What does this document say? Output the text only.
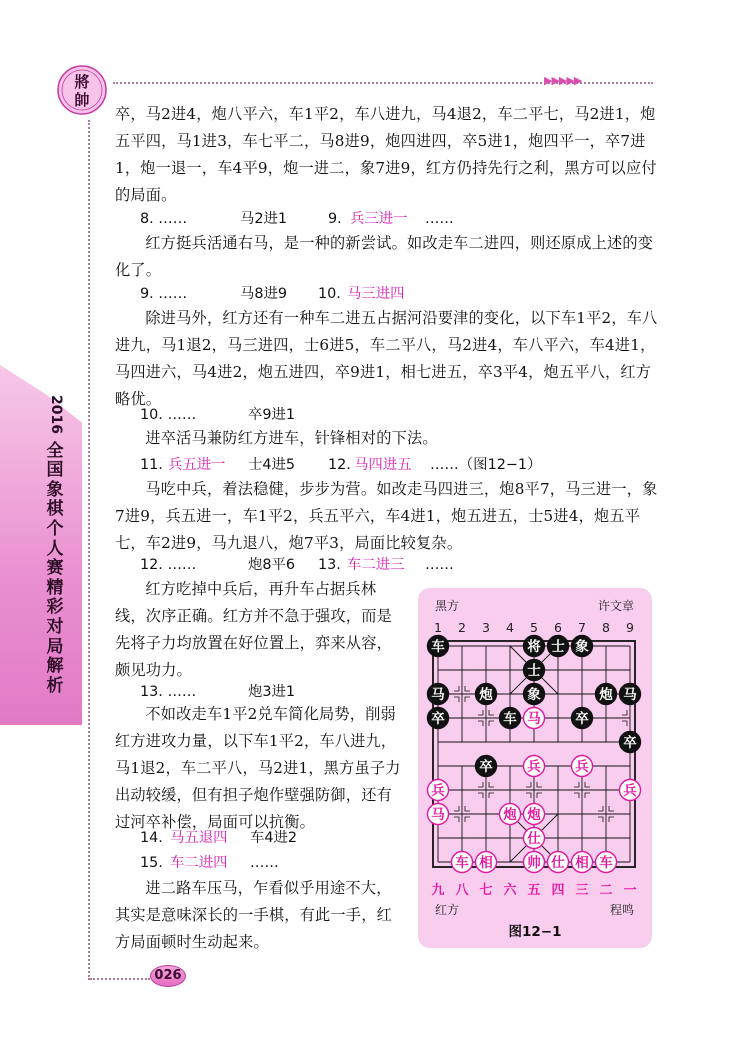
將
帥
▶▶▶▶▶
2016
全
国
象
棋
个
人
赛
精
彩
对
局
解
析
卒，马2进4，炮八平六，车1平2，车八进九，马4退2，车二平七，马2进1，炮五平四，马1进3，车七平二，马8进9，炮四进四，卒5进1，炮四平一，卒7进1，炮一退一，车4平9，炮一进二，象7进9，红方仍持先行之利，黑方可以应付的局面。
8. ……	马2进1	9. 兵三进一 ……
红方挺兵活通右马，是一种的新尝试。如改走车二进四，则还原成上述的变化了。
9. ……	马8进9 10. 马三进四
除进马外，红方还有一种车二进五占据河沿要津的变化，以下车1平2，车八进九，马1退2，马三进四，士6进5，车二平八，马2进4，车八平六，车4进1，马四进六，马4进2，炮五进四，卒9进1，相七进五，卒3平4，炮五平八，红方略优。
10. ……	卒9进1
进卒活马兼防红方进车，针锋相对的下法。
11. 兵五进一 士4进5 12. 马四进五 ……（图12−1）
马吃中兵，着法稳健，步步为营。如改走马四进三，炮8平7，马三进一，象7进9，兵五进一，车1平2，兵五平六，车4进1，炮五进五，士5进4，炮五平七，车2进9，马九退八，炮7平3，局面比较复杂。
12. ……	炮8平6 13. 车二进三 ……
红方吃掉中兵后，再升车占据兵林线，次序正确。红方并不急于强攻，而是先将子力均放置在好位置上，弈来从容，颇见功力。
13. ……	炮3进1
不如改走车1平2兑车简化局势，削弱红方进攻力量，以下车1平2，车八进九，马1退2，车二平八，马2进1，黑方虽子力出动较缓，但有担子炮作壁强防御，还有过河卒补偿，局面可以抗衡。
14. 马五退四 车4进2
15. 车二进四 ……
进二路车压马，乍看似乎用途不大，其实是意味深长的一手棋，有此一手，红方局面顿时生动起来。
车	将 士 象
士
马	炮	象	炮 马
卒	车	卒
卒
卒
马
兵	兵
兵	兵
马	炮 炮
仕
车 相	帅 仕 相 车
黑方	许文章
1 2 3 4 5 6 7 8 9
九 八 七 六 五 四 三 二 一
红方	程鸣
图12−1
026
